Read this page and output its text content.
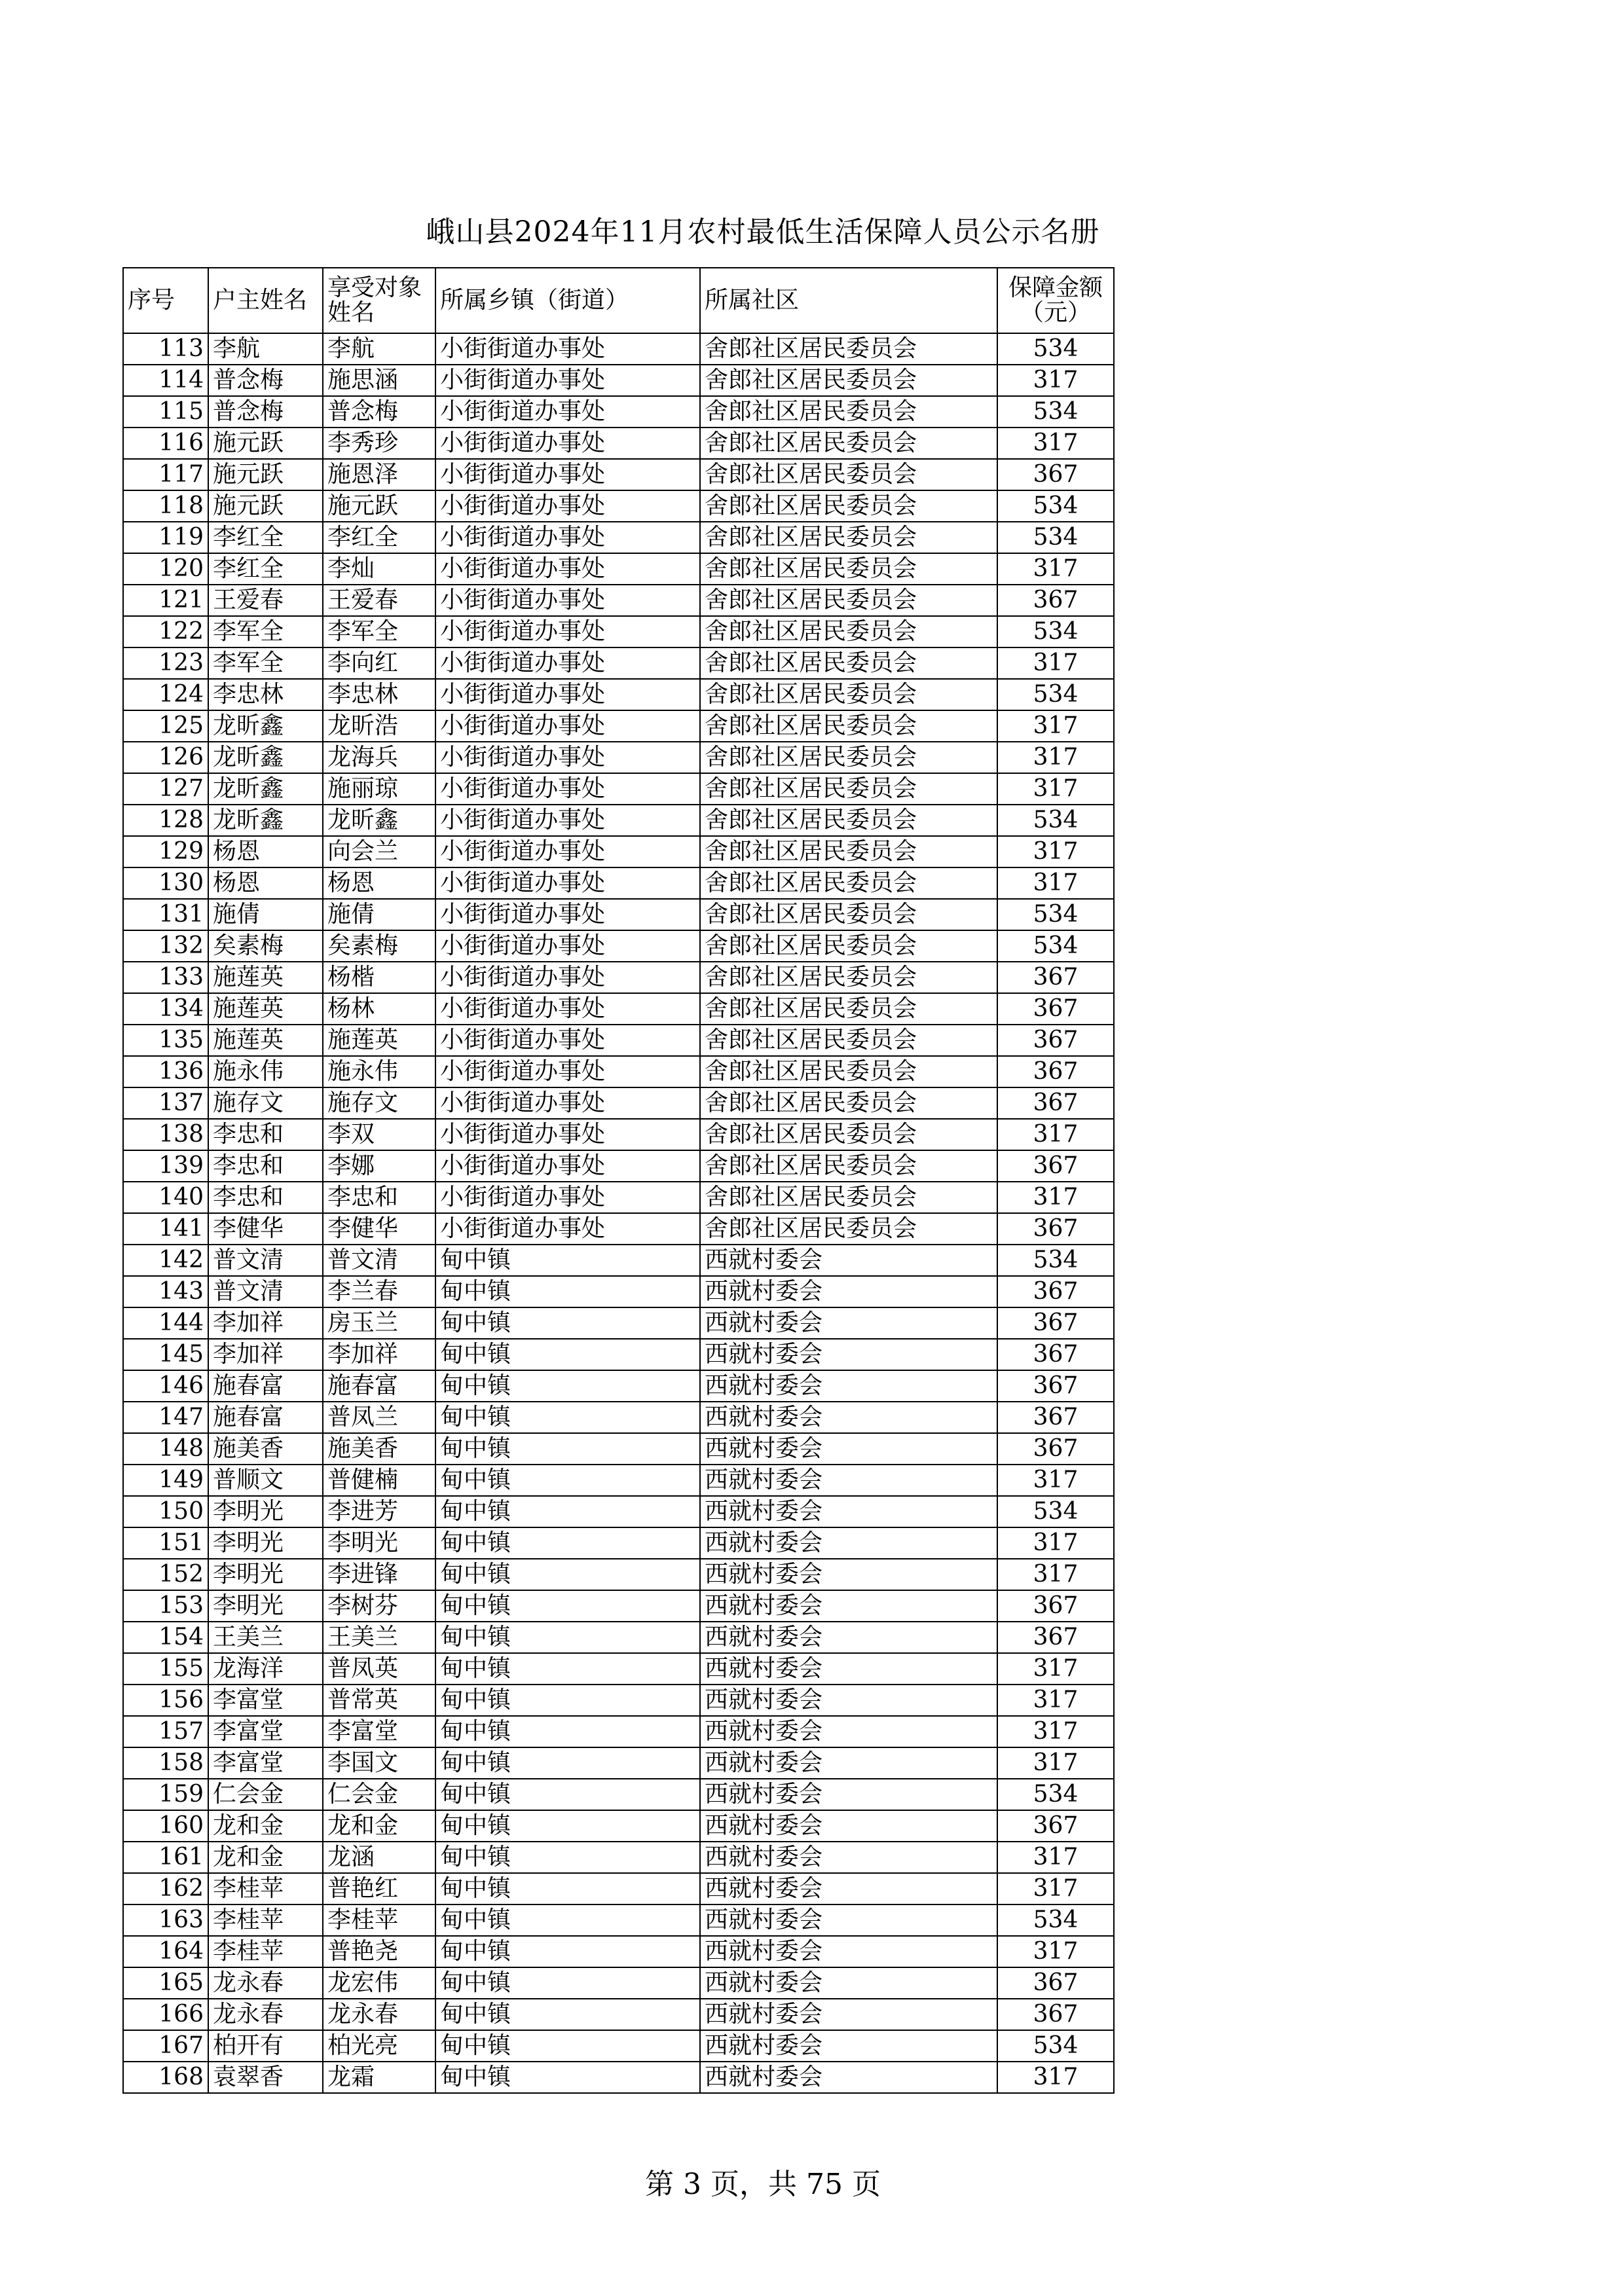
峨山县2024年11月农村最低生活保障人员公示名册
序号	户主姓名	享受对象姓名	所属乡镇（街道）	所属社区	保障金额（元）
113	李航	李航	小街街道办事处	舍郎社区居民委员会	534
114	普念梅	施思涵	小街街道办事处	舍郎社区居民委员会	317
115	普念梅	普念梅	小街街道办事处	舍郎社区居民委员会	534
116	施元跃	李秀珍	小街街道办事处	舍郎社区居民委员会	317
117	施元跃	施恩泽	小街街道办事处	舍郎社区居民委员会	367
118	施元跃	施元跃	小街街道办事处	舍郎社区居民委员会	534
119	李红全	李红全	小街街道办事处	舍郎社区居民委员会	534
120	李红全	李灿	小街街道办事处	舍郎社区居民委员会	317
121	王爱春	王爱春	小街街道办事处	舍郎社区居民委员会	367
122	李军全	李军全	小街街道办事处	舍郎社区居民委员会	534
123	李军全	李向红	小街街道办事处	舍郎社区居民委员会	317
124	李忠林	李忠林	小街街道办事处	舍郎社区居民委员会	534
125	龙昕鑫	龙昕浩	小街街道办事处	舍郎社区居民委员会	317
126	龙昕鑫	龙海兵	小街街道办事处	舍郎社区居民委员会	317
127	龙昕鑫	施丽琼	小街街道办事处	舍郎社区居民委员会	317
128	龙昕鑫	龙昕鑫	小街街道办事处	舍郎社区居民委员会	534
129	杨恩	向会兰	小街街道办事处	舍郎社区居民委员会	317
130	杨恩	杨恩	小街街道办事处	舍郎社区居民委员会	317
131	施倩	施倩	小街街道办事处	舍郎社区居民委员会	534
132	矣素梅	矣素梅	小街街道办事处	舍郎社区居民委员会	534
133	施莲英	杨楷	小街街道办事处	舍郎社区居民委员会	367
134	施莲英	杨林	小街街道办事处	舍郎社区居民委员会	367
135	施莲英	施莲英	小街街道办事处	舍郎社区居民委员会	367
136	施永伟	施永伟	小街街道办事处	舍郎社区居民委员会	367
137	施存文	施存文	小街街道办事处	舍郎社区居民委员会	367
138	李忠和	李双	小街街道办事处	舍郎社区居民委员会	317
139	李忠和	李娜	小街街道办事处	舍郎社区居民委员会	367
140	李忠和	李忠和	小街街道办事处	舍郎社区居民委员会	317
141	李健华	李健华	小街街道办事处	舍郎社区居民委员会	367
142	普文清	普文清	甸中镇	西就村委会	534
143	普文清	李兰春	甸中镇	西就村委会	367
144	李加祥	房玉兰	甸中镇	西就村委会	367
145	李加祥	李加祥	甸中镇	西就村委会	367
146	施春富	施春富	甸中镇	西就村委会	367
147	施春富	普凤兰	甸中镇	西就村委会	367
148	施美香	施美香	甸中镇	西就村委会	367
149	普顺文	普健楠	甸中镇	西就村委会	317
150	李明光	李进芳	甸中镇	西就村委会	534
151	李明光	李明光	甸中镇	西就村委会	317
152	李明光	李进锋	甸中镇	西就村委会	317
153	李明光	李树芬	甸中镇	西就村委会	367
154	王美兰	王美兰	甸中镇	西就村委会	367
155	龙海洋	普凤英	甸中镇	西就村委会	317
156	李富堂	普常英	甸中镇	西就村委会	317
157	李富堂	李富堂	甸中镇	西就村委会	317
158	李富堂	李国文	甸中镇	西就村委会	317
159	仁会金	仁会金	甸中镇	西就村委会	534
160	龙和金	龙和金	甸中镇	西就村委会	367
161	龙和金	龙涵	甸中镇	西就村委会	317
162	李桂苹	普艳红	甸中镇	西就村委会	317
163	李桂苹	李桂苹	甸中镇	西就村委会	534
164	李桂苹	普艳尧	甸中镇	西就村委会	317
165	龙永春	龙宏伟	甸中镇	西就村委会	367
166	龙永春	龙永春	甸中镇	西就村委会	367
167	柏开有	柏光亮	甸中镇	西就村委会	534
168	袁翠香	龙霜	甸中镇	西就村委会	317
第 3 页，共 75 页
